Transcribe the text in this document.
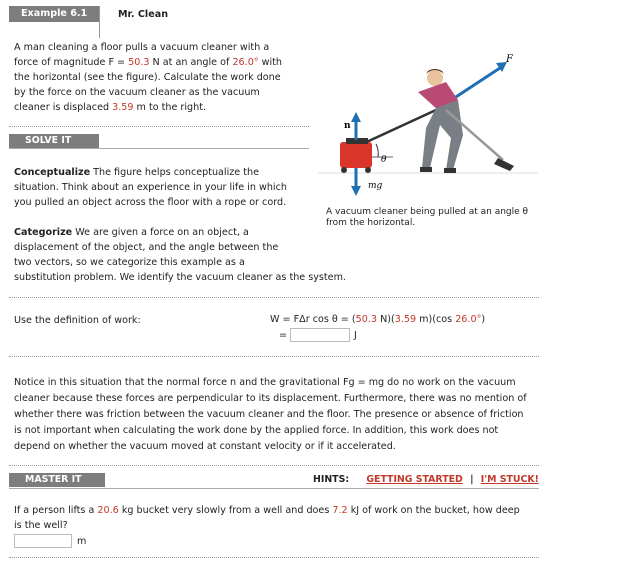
Example 6.1	Mr. Clean
A man cleaning a floor pulls a vacuum cleaner with a
force of magnitude F = 50.3 N at an angle of 26.0° with
the horizontal (see the figure). Calculate the work done
by the force on the vacuum cleaner as the vacuum
cleaner is displaced 3.59 m to the right.
SOLVE IT
Conceptualize The figure helps conceptualize the
situation. Think about an experience in your life in which
you pulled an object across the floor with a rope or cord.
Categorize We are given a force on an object, a
displacement of the object, and the angle between the
two vectors, so we categorize this example as a
substitution problem. We identify the vacuum cleaner as the system.
θ
n
mg
F
A vacuum cleaner being pulled at an angle θ
from the horizontal.
Use the definition of work:	W = FΔr cos θ = (50.3 N)(3.59 m)(cos 26.0°)
=	J
Notice in this situation that the normal force n and the gravitational Fg = mg do no work on the vacuum
cleaner because these forces are perpendicular to its displacement. Furthermore, there was no mention of
whether there was friction between the vacuum cleaner and the floor. The presence or absence of friction
is not important when calculating the work done by the applied force. In addition, this work does not
depend on whether the vacuum moved at constant velocity or if it accelerated.
MASTER IT	HINTS: GETTING STARTED | I'M STUCK!
If a person lifts a 20.6 kg bucket very slowly from a well and does 7.2 kJ of work on the bucket, how deep
is the well?
m
